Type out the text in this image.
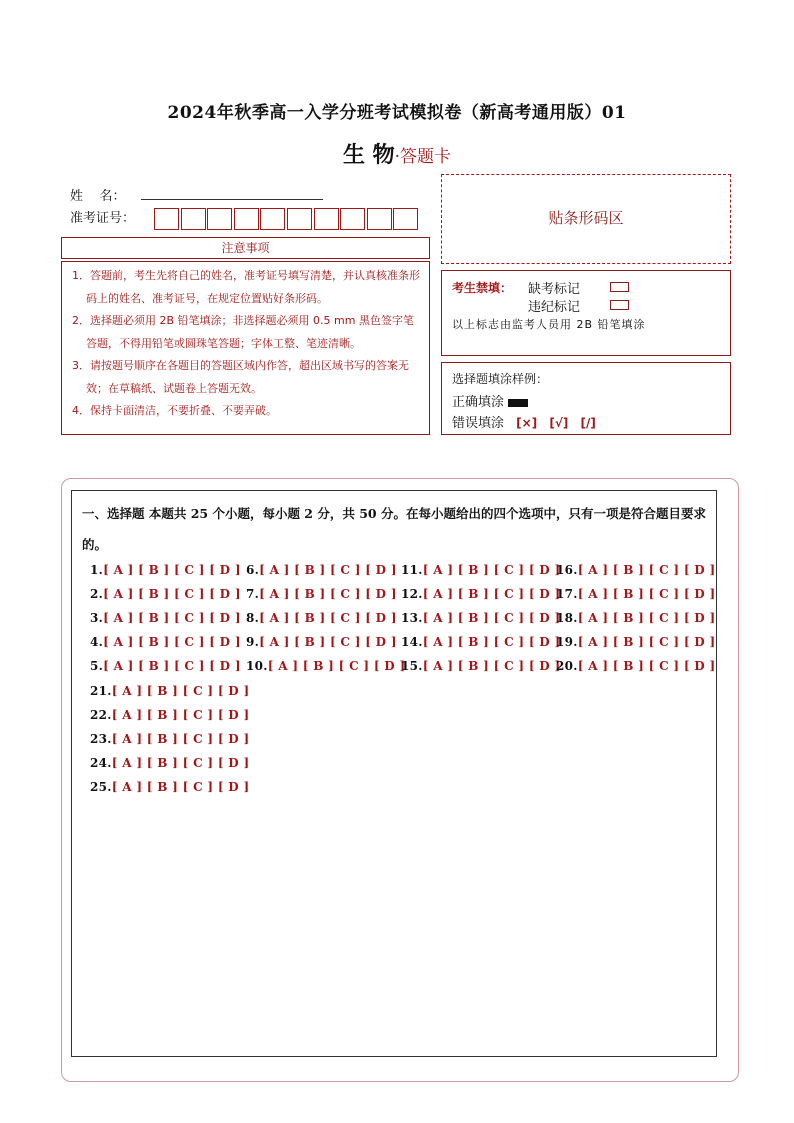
2024年秋季高一入学分班考试模拟卷（新高考通用版）01
生 物·答题卡
姓    名：
准考证号：
注意事项
1．答题前，考生先将自己的姓名，准考证号填写清楚，并认真核准条形码上的姓名、准考证号，在规定位置贴好条形码。
2．选择题必须用 2B 铅笔填涂；非选择题必须用 0.5 mm 黑色签字笔答题，不得用铅笔或圆珠笔答题；字体工整、笔迹清晰。
3．请按题号顺序在各题目的答题区域内作答，超出区域书写的答案无效；在草稿纸、试题卷上答题无效。
4．保持卡面清洁，不要折叠、不要弄破。
贴条形码区
考生禁填： 缺考标记
违纪标记
以上标志由监考人员用 2B 铅笔填涂
选择题填涂样例：
正确填涂
错误填涂 [×] [√] [/]
一、选择题 本题共 25 个小题，每小题 2 分，共 50 分。在每小题给出的四个选项中，只有一项是符合题目要求的。
1.[ A ] [ B ] [ C ] [ D ]
2.[ A ] [ B ] [ C ] [ D ]
3.[ A ] [ B ] [ C ] [ D ]
4.[ A ] [ B ] [ C ] [ D ]
5.[ A ] [ B ] [ C ] [ D ]
6.[ A ] [ B ] [ C ] [ D ]
7.[ A ] [ B ] [ C ] [ D ]
8.[ A ] [ B ] [ C ] [ D ]
9.[ A ] [ B ] [ C ] [ D ]
10.[ A ] [ B ] [ C ] [ D ]
11.[ A ] [ B ] [ C ] [ D ]
12.[ A ] [ B ] [ C ] [ D ]
13.[ A ] [ B ] [ C ] [ D ]
14.[ A ] [ B ] [ C ] [ D ]
15.[ A ] [ B ] [ C ] [ D ]
16.[ A ] [ B ] [ C ] [ D ]
17.[ A ] [ B ] [ C ] [ D ]
18.[ A ] [ B ] [ C ] [ D ]
19.[ A ] [ B ] [ C ] [ D ]
20.[ A ] [ B ] [ C ] [ D ]
21.[ A ] [ B ] [ C ] [ D ]
22.[ A ] [ B ] [ C ] [ D ]
23.[ A ] [ B ] [ C ] [ D ]
24.[ A ] [ B ] [ C ] [ D ]
25.[ A ] [ B ] [ C ] [ D ]
